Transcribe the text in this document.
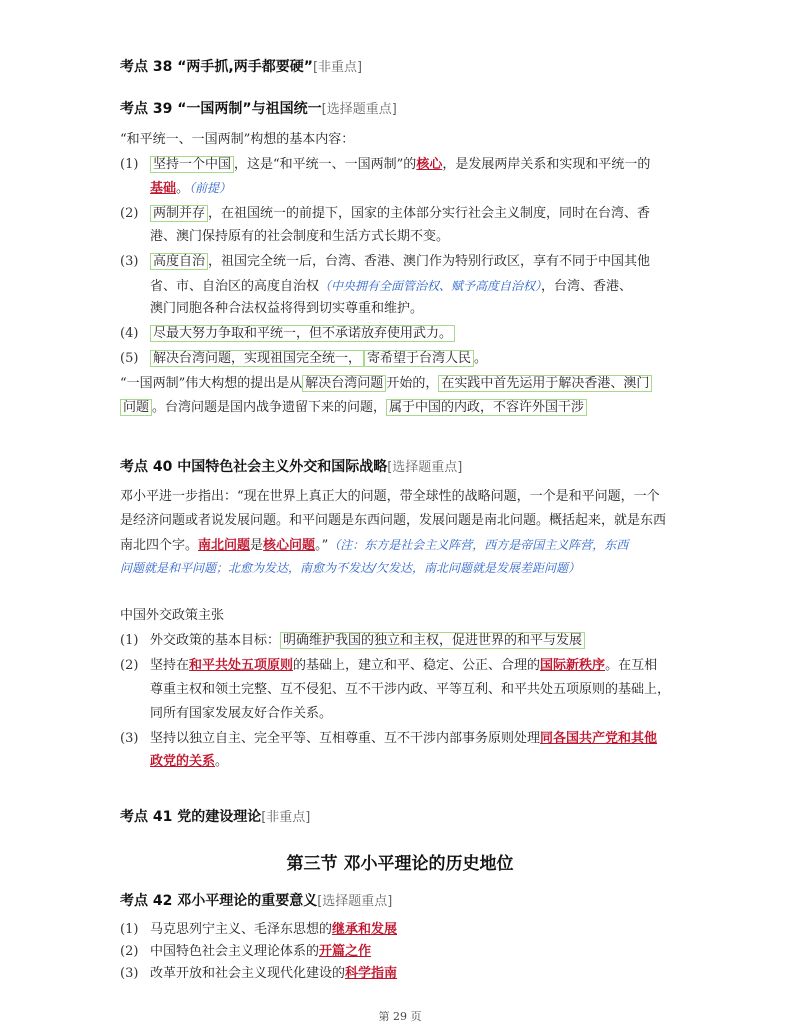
考点 38 “两手抓,两手都要硬”[非重点]
考点 39 “一国两制”与祖国统一[选择题重点]
“和平统一、一国两制”构想的基本内容：
(1) 坚持一个中国 ，这是“和平统一、一国两制”的核心，是发展两岸关系和实现和平统一的
基础。（前提）
(2) 两制并存 ，在祖国统一的前提下，国家的主体部分实行社会主义制度，同时在台湾、香
港、澳门保持原有的社会制度和生活方式长期不变。
(3) 高度自治 ，祖国完全统一后，台湾、香港、澳门作为特别行政区，享有不同于中国其他
省、市、自治区的高度自治权（中央拥有全面管治权、赋予高度自治权），台湾、香港、
澳门同胞各种合法权益将得到切实尊重和维护。
(4) 尽最大努力争取和平统一，但不承诺放弃使用武力。
(5) 解决台湾问题，实现祖国完全统一， 寄希望于台湾人民 。
“一国两制”伟大构想的提出是从 解决台湾问题 开始的， 在实践中首先运用于解决香港、澳门
问题 。台湾问题是国内战争遗留下来的问题， 属于中国的内政，不容许外国干涉
考点 40 中国特色社会主义外交和国际战略[选择题重点]
邓小平进一步指出：“现在世界上真正大的问题，带全球性的战略问题，一个是和平问题，一个
是经济问题或者说发展问题。和平问题是东西问题，发展问题是南北问题。概括起来，就是东西
南北四个字。南北问题是核心问题。”（注：东方是社会主义阵营，西方是帝国主义阵营，东西
问题就是和平问题；北愈为发达，南愈为不发达/欠发达，南北问题就是发展差距问题）
中国外交政策主张
(1) 外交政策的基本目标： 明确维护我国的独立和主权，促进世界的和平与发展
(2) 坚持在和平共处五项原则的基础上，建立和平、稳定、公正、合理的国际新秩序。在互相
尊重主权和领土完整、互不侵犯、互不干涉内政、平等互利、和平共处五项原则的基础上，
同所有国家发展友好合作关系。
(3) 坚持以独立自主、完全平等、互相尊重、互不干涉内部事务原则处理同各国共产党和其他
政党的关系。
考点 41 党的建设理论[非重点]
第三节 邓小平理论的历史地位
考点 42 邓小平理论的重要意义[选择题重点]
(1) 马克思列宁主义、毛泽东思想的继承和发展
(2) 中国特色社会主义理论体系的开篇之作
(3) 改革开放和社会主义现代化建设的科学指南
第 29 页
